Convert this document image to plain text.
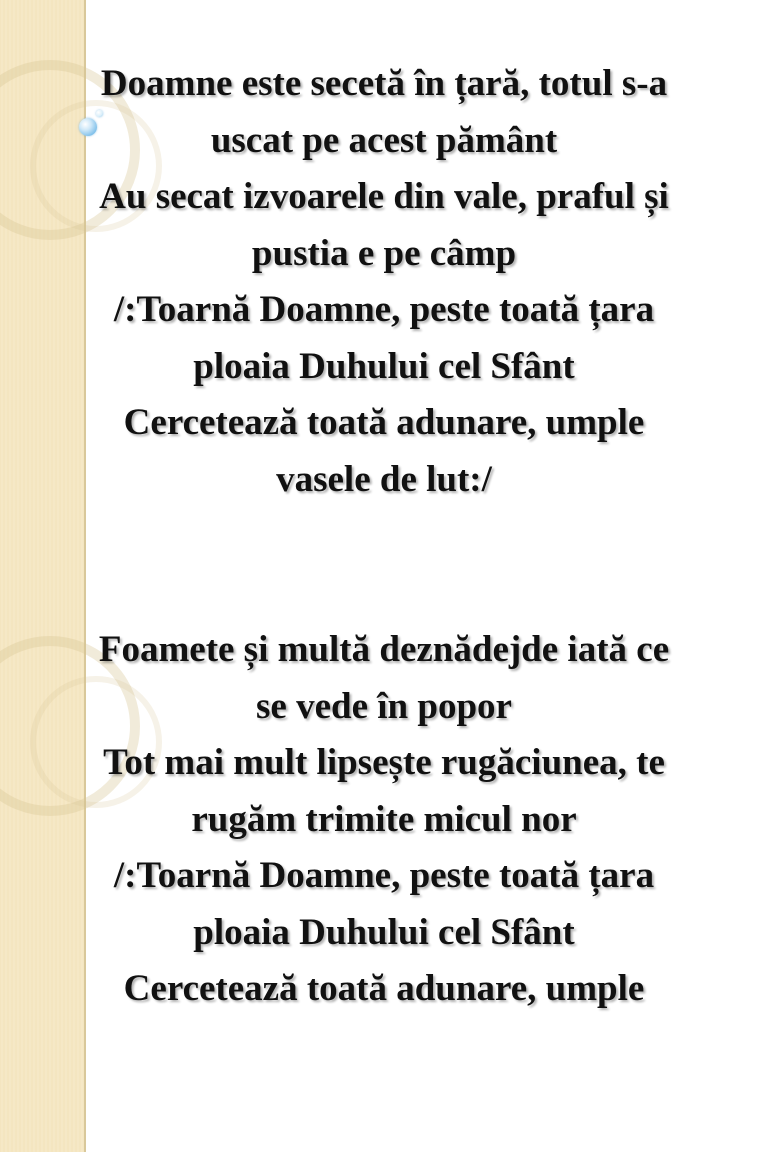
Doamne este secetă în țară, totul s-a
uscat pe acest pământ
Au secat izvoarele din vale, praful și
pustia e pe câmp
/:Toarnă Doamne, peste toată țara
ploaia Duhului cel Sfânt
Cercetează toată adunare, umple
vasele de lut:/
Foamete și multă deznădejde iată ce
se vede în popor
Tot mai mult lipsește rugăciunea, te
rugăm trimite micul nor
/:Toarnă Doamne, peste toată țara
ploaia Duhului cel Sfânt
Cercetează toată adunare, umple
